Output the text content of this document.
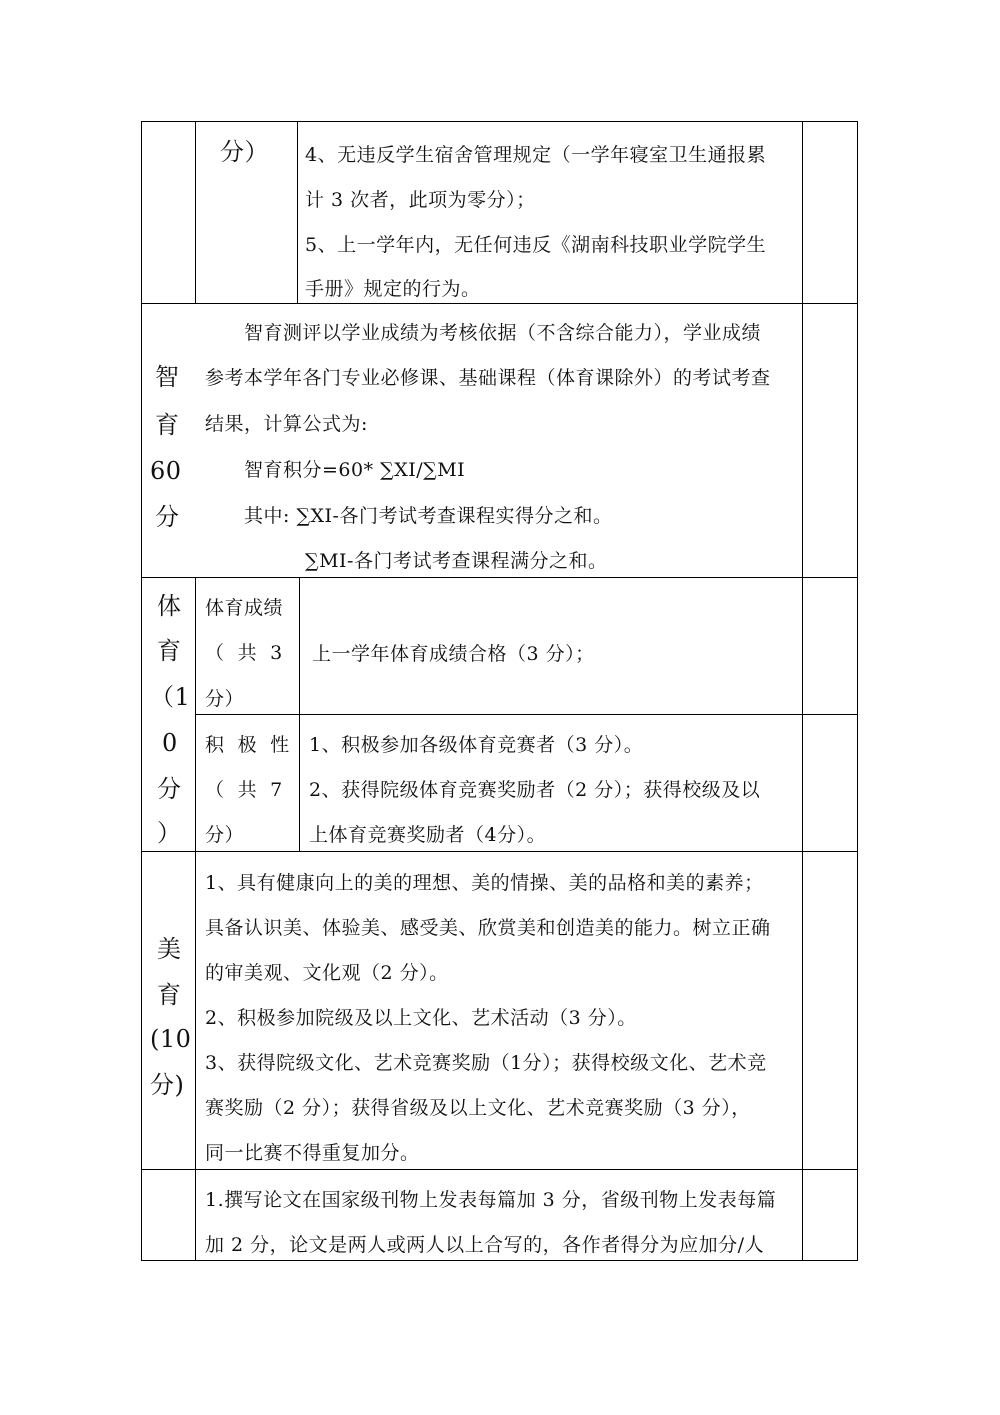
分） 4、无违反学生宿舍管理规定（一学年寝室卫生通报累
计 3 次者，此项为零分）；
5、上一学年内，无任何违反《湖南科技职业学院学生
手册》规定的行为。
智
育
60
分
智育测评以学业成绩为考核依据（不含综合能力），学业成绩
参考本学年各门专业必修课、基础课程（体育课除外）的考试考查
结果，计算公式为:
智育积分=60* ∑XI/∑MI
其中: ∑XI-各门考试考查课程实得分之和。
∑MI-各门考试考查课程满分之和。
体
育
（1
0
分
）
体育成绩
（  共  3
分）
上一学年体育成绩合格（3 分）；
积  极  性
（  共  7
分）
1、积极参加各级体育竞赛者（3 分）。
2、获得院级体育竞赛奖励者（2 分）；获得校级及以
上体育竞赛奖励者（4分）。
美
育
(10
分)
1、具有健康向上的美的理想、美的情操、美的品格和美的素养；
具备认识美、体验美、感受美、欣赏美和创造美的能力。树立正确
的审美观、文化观（2 分）。
2、积极参加院级及以上文化、艺术活动（3 分）。
3、获得院级文化、艺术竞赛奖励（1分）；获得校级文化、艺术竞
赛奖励（2 分）；获得省级及以上文化、艺术竞赛奖励（3 分），
同一比赛不得重复加分。
1.撰写论文在国家级刊物上发表每篇加 3 分，省级刊物上发表每篇
加 2 分，论文是两人或两人以上合写的，各作者得分为应加分/人
